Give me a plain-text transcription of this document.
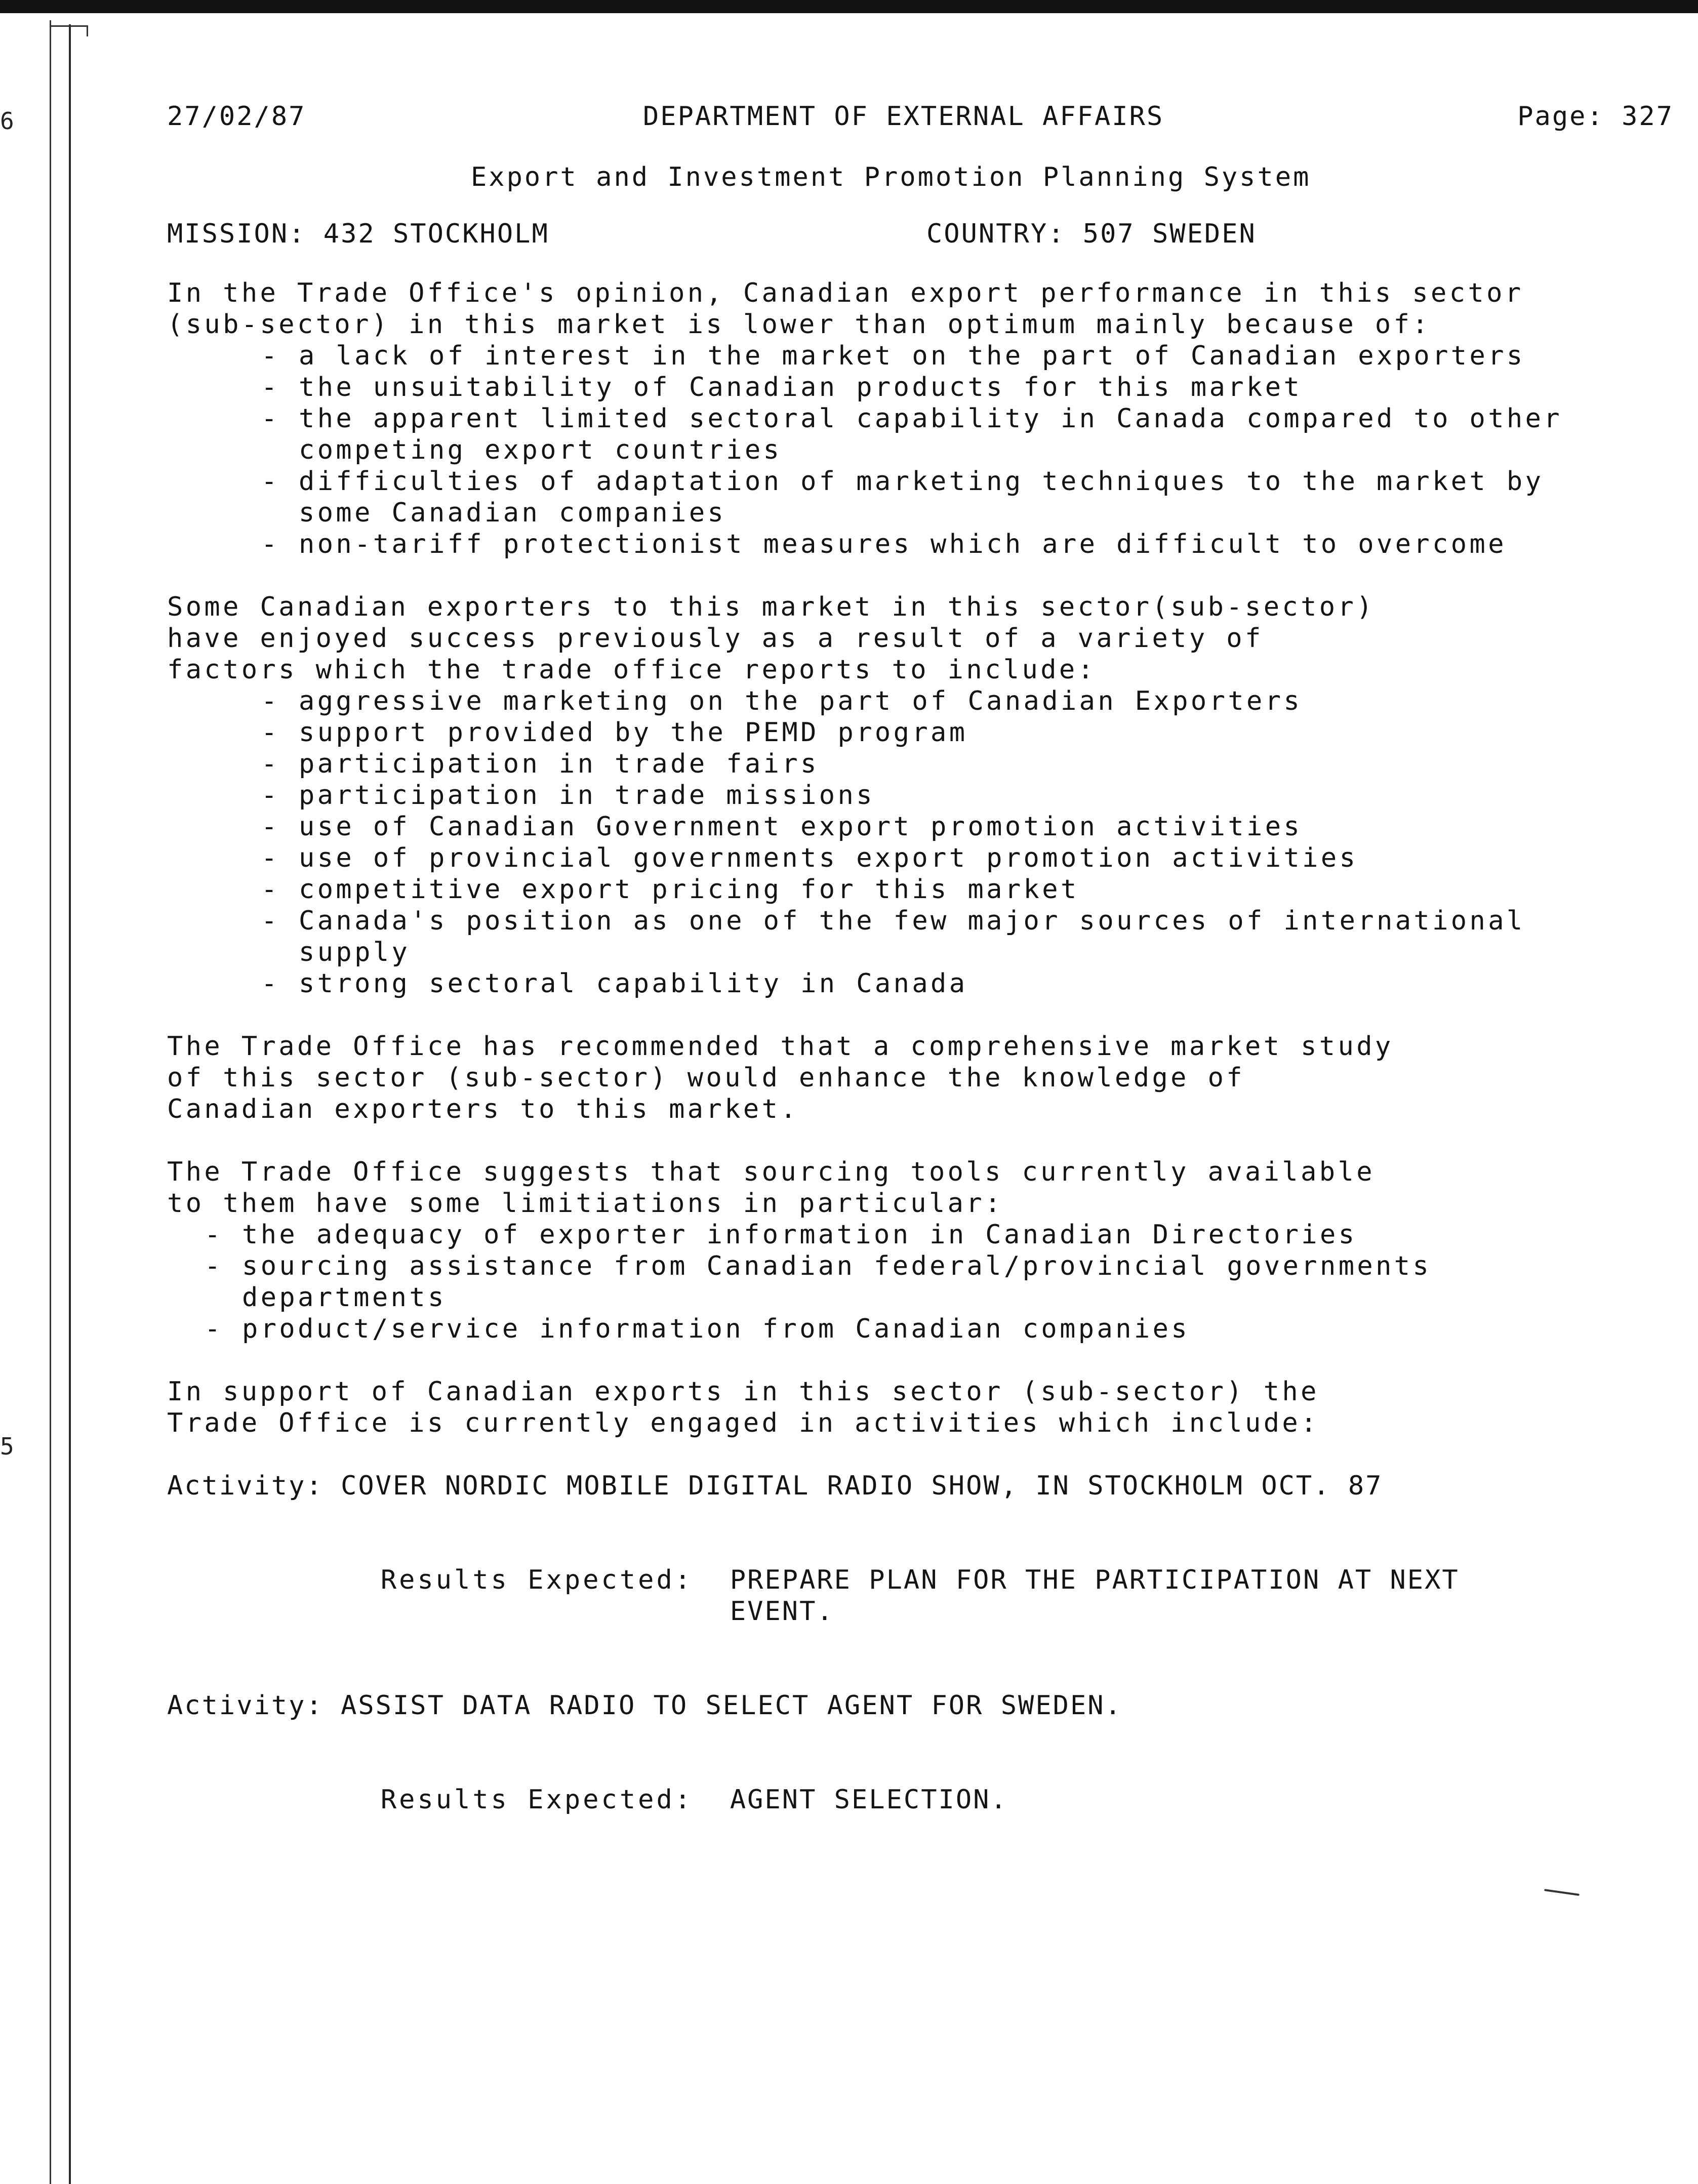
6
5
27/02/87	DEPARTMENT OF EXTERNAL AFFAIRS	Page: 327
Export and Investment Promotion Planning System
MISSION: 432 STOCKHOLM	COUNTRY: 507 SWEDEN

In the Trade Office's opinion, Canadian export performance in this sector
(sub-sector) in this market is lower than optimum mainly because of:

- a lack of interest in the market on the part of Canadian exporters
- the unsuitability of Canadian products for this market
- the apparent limited sectoral capability in Canada compared to other
competing export countries
- difficulties of adaptation of marketing techniques to the market by
some Canadian companies
- non-tariff protectionist measures which are difficult to overcome

Some Canadian exporters to this market in this sector(sub-sector)
have enjoyed success previously as a result of a variety of
factors which the trade office reports to include:

- aggressive marketing on the part of Canadian Exporters
- support provided by the PEMD program
- participation in trade fairs
- participation in trade missions
- use of Canadian Government export promotion activities
- use of provincial governments export promotion activities
- competitive export pricing for this market
- Canada's position as one of the few major sources of international
supply
- strong sectoral capability in Canada

The Trade Office has recommended that a comprehensive market study
of this sector (sub-sector) would enhance the knowledge of
Canadian exporters to this market.

The Trade Office suggests that sourcing tools currently available
to them have some limitiations in particular:

- the adequacy of exporter information in Canadian Directories
- sourcing assistance from Canadian federal/provincial governments
departments
- product/service information from Canadian companies

In support of Canadian exports in this sector (sub-sector) the
Trade Office is currently engaged in activities which include:

Activity: COVER NORDIC MOBILE DIGITAL RADIO SHOW, IN STOCKHOLM OCT. 87

Results Expected: PREPARE PLAN FOR THE PARTICIPATION AT NEXT
EVENT.

Activity: ASSIST DATA RADIO TO SELECT AGENT FOR SWEDEN.

Results Expected: AGENT SELECTION.
